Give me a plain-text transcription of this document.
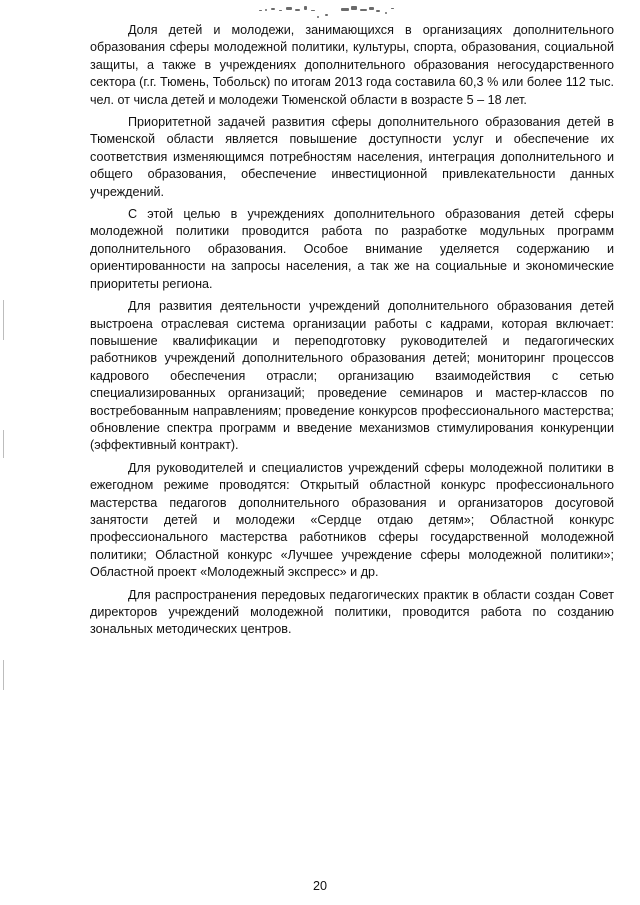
Доля детей и молодежи, занимающихся в организациях дополнительного образования сферы молодежной политики, культуры, спорта, образования, социальной защиты, а также в учреждениях дополнительного образования негосударственного сектора (г.г. Тюмень, Тобольск) по итогам 2013 года составила 60,3 % или более 112 тыс. чел. от числа детей и молодежи Тюменской области в возрасте 5 – 18 лет.

Приоритетной задачей развития сферы дополнительного образования детей в Тюменской области является повышение доступности услуг и обеспечение их соответствия изменяющимся потребностям населения, интеграция дополнительного и общего образования, обеспечение инвестиционной привлекательности данных учреждений.

С этой целью в учреждениях дополнительного образования детей сферы молодежной политики проводится работа по разработке модульных программ дополнительного образования. Особое внимание уделяется содержанию и ориентированности на запросы населения, а так же на социальные и экономические приоритеты региона.

Для развития деятельности учреждений дополнительного образования детей выстроена отраслевая система организации работы с кадрами, которая включает: повышение квалификации и переподготовку руководителей и педагогических работников учреждений дополнительного образования детей; мониторинг процессов кадрового обеспечения отрасли; организацию взаимодействия с сетью специализированных организаций; проведение семинаров и мастер-классов по востребованным направлениям; проведение конкурсов профессионального мастерства; обновление спектра программ и введение механизмов стимулирования конкуренции (эффективный контракт).

Для руководителей и специалистов учреждений сферы молодежной политики в ежегодном режиме проводятся: Открытый областной конкурс профессионального мастерства педагогов дополнительного образования и организаторов досуговой занятости детей и молодежи «Сердце отдаю детям»; Областной конкурс профессионального мастерства работников сферы государственной молодежной политики; Областной конкурс «Лучшее учреждение сферы молодежной политики»; Областной проект «Молодежный экспресс» и др.

Для распространения передовых педагогических практик в области создан Совет директоров учреждений молодежной политики, проводится работа по созданию зональных методических центров.

20
